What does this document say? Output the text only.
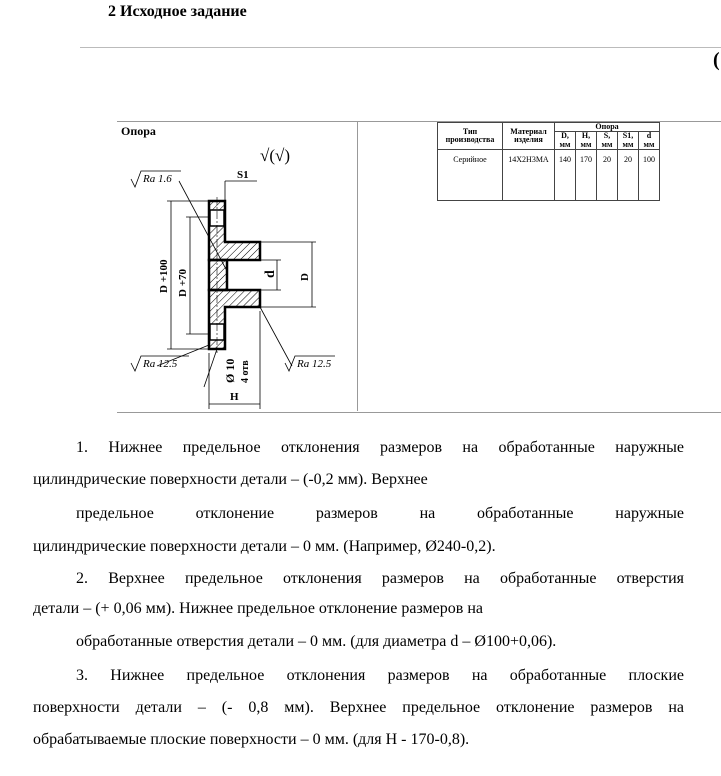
2 Исходное задание
(
Опора
√(√)
Ra 1.6
Ra 12.5	Ra 12.5
S1
D +100 D +70	d D
Ø 10 4 отв
H
Тип производства	Материал изделия	Опора				
		D, мм	H, мм	S, мм	S1, мм	d мм
Серийное	14Х2Н3МА	140	170	20	20	100

1. Нижнее предельное отклонения размеров на обработанные наружные

цилиндрические поверхности детали – (-0,2 мм). Верхнее

предельное отклонение размеров на обработанные наружные

цилиндрические поверхности детали – 0 мм. (Например, Ø240-0,2).

2. Верхнее предельное отклонения размеров на обработанные отверстия

детали – (+ 0,06 мм). Нижнее предельное отклонение размеров на

обработанные отверстия детали – 0 мм. (для диаметра d – Ø100+0,06).

3. Нижнее предельное отклонения размеров на обработанные плоские

поверхности детали – (- 0,8 мм). Верхнее предельное отклонение размеров на

обрабатываемые плоские поверхности – 0 мм. (для H - 170-0,8).
